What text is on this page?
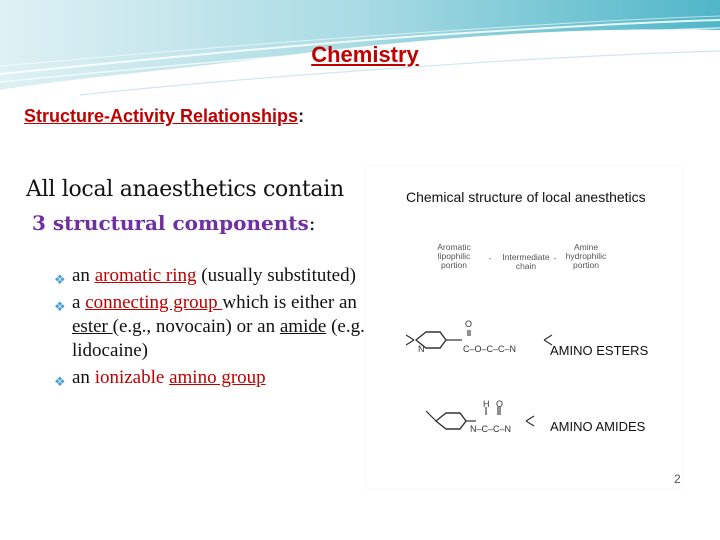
Chemistry
Structure-Activity Relationships:
All local anaesthetics contain
3 structural components:
❖ an aromatic ring (usually substituted)
❖ a connecting group which is either an ester (e.g., novocain) or an amide (e.g. lidocaine)
❖ an ionizable amino group
Chemical structure of local anesthetics
Aromatic
lipophilic
portion
-	Intermediate
chain
-
Amine
hydrophilic
portion
N
O
C–O–C–C–N	AMINO ESTERS
H O
N–C–C–N	AMINO AMIDES
2
